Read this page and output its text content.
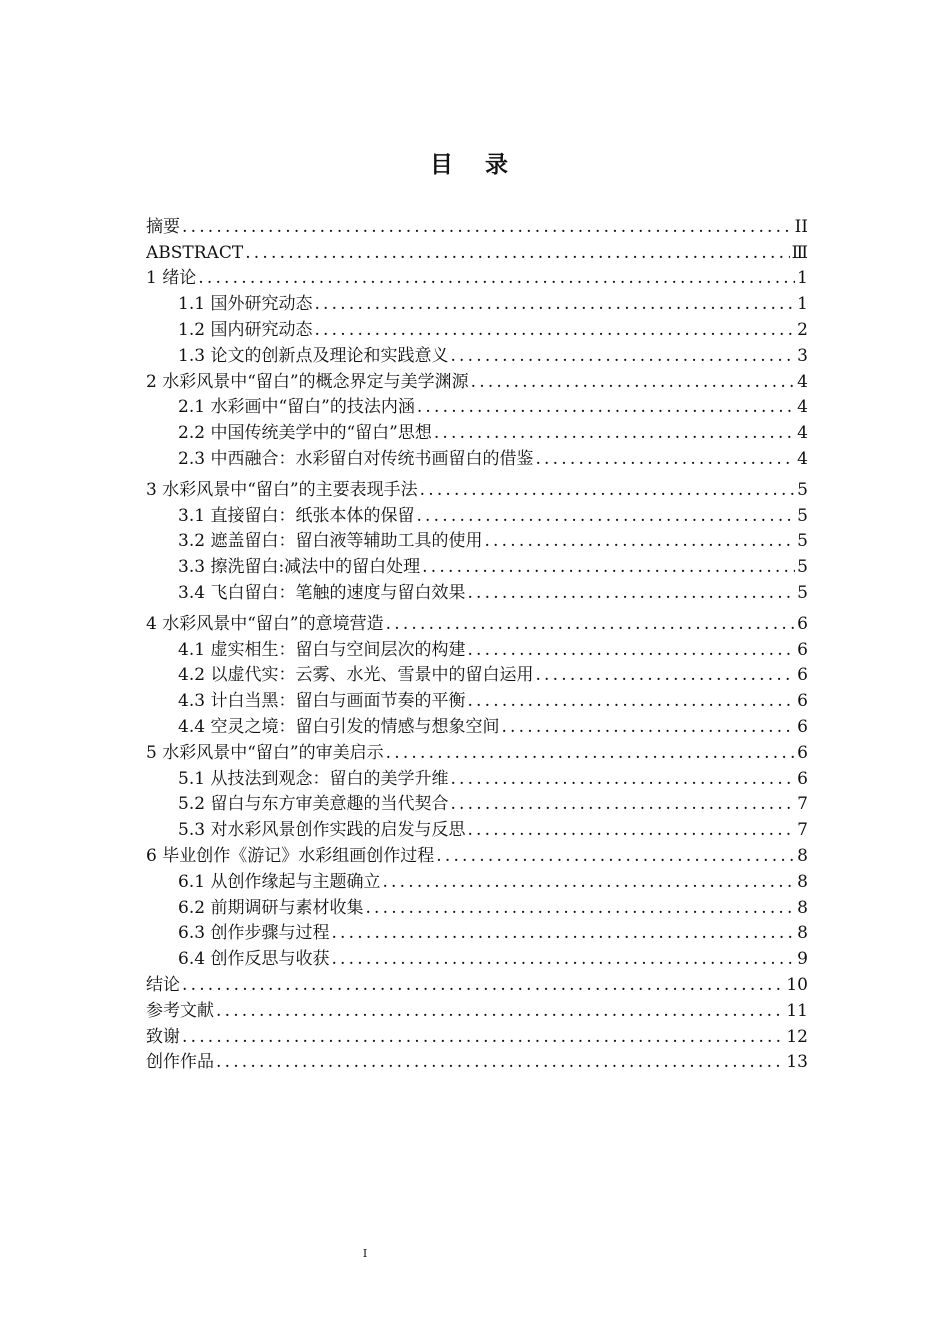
目 录
摘要 .....	II
ABSTRACT .....	Ⅲ
1 绪论 .....	1
1.1 国外研究动态 .....	1
1.2 国内研究动态 .....	2
1.3 论文的创新点及理论和实践意义 .....	3
2 水彩风景中“留白”的概念界定与美学渊源 .....	4
2.1 水彩画中“留白”的技法内涵 .....	4
2.2 中国传统美学中的“留白”思想 .....	4
2.3 中西融合：水彩留白对传统书画留白的借鉴 .....	4
3 水彩风景中“留白”的主要表现手法 .....	5
3.1 直接留白：纸张本体的保留 .....	5
3.2 遮盖留白：留白液等辅助工具的使用 .....	5
3.3 擦洗留白:减法中的留白处理 .....	5
3.4 飞白留白：笔触的速度与留白效果 .....	5
4 水彩风景中“留白”的意境营造 .....	6
4.1 虚实相生：留白与空间层次的构建 .....	6
4.2 以虚代实：云雾、水光、雪景中的留白运用 .....	6
4.3 计白当黑：留白与画面节奏的平衡 .....	6
4.4 空灵之境：留白引发的情感与想象空间 .....	6
5 水彩风景中“留白”的审美启示 .....	6
5.1 从技法到观念：留白的美学升维 .....	6
5.2 留白与东方审美意趣的当代契合 .....	7
5.3 对水彩风景创作实践的启发与反思 .....	7
6 毕业创作《游记》水彩组画创作过程 .....	8
6.1 从创作缘起与主题确立 .....	8
6.2 前期调研与素材收集 .....	8
6.3 创作步骤与过程 .....	8
6.4 创作反思与收获 .....	9
结论 .....	10
参考文献 .....	11
致谢 .....	12
创作作品 .....	13
I
